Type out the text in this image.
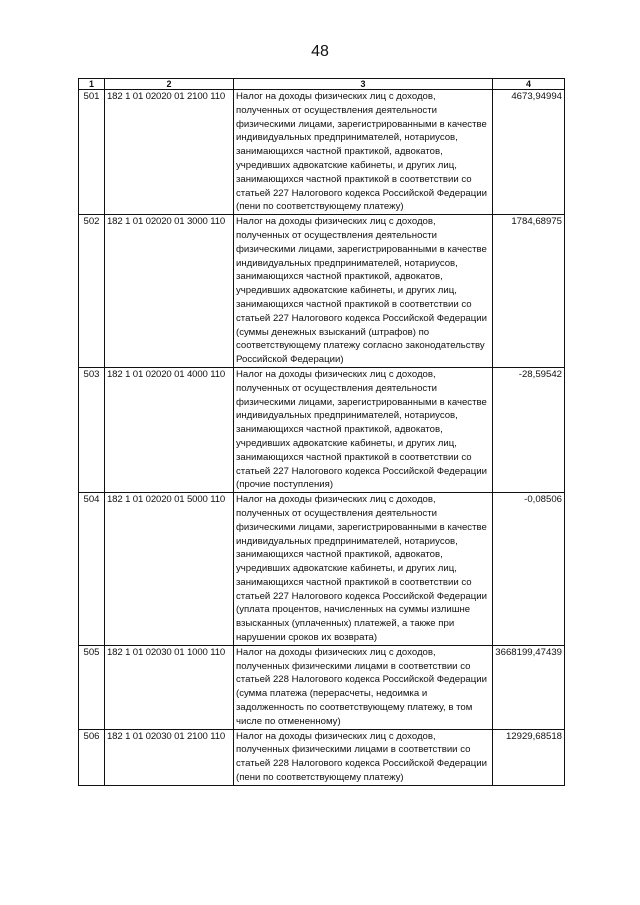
48
1	2	3	4
501	182 1 01 02020 01 2100 110	Налог на доходы физических лиц с доходов, полученных от осуществления деятельности физическими лицами, зарегистрированными в качестве индивидуальных предпринимателей, нотариусов, занимающихся частной практикой, адвокатов, учредивших адвокатские кабинеты, и других лиц, занимающихся частной практикой в соответствии со статьей 227 Налогового кодекса Российской Федерации (пени по соответствующему платежу)	4673,94994
502	182 1 01 02020 01 3000 110	Налог на доходы физических лиц с доходов, полученных от осуществления деятельности физическими лицами, зарегистрированными в качестве индивидуальных предпринимателей, нотариусов, занимающихся частной практикой, адвокатов, учредивших адвокатские кабинеты, и других лиц, занимающихся частной практикой в соответствии со статьей 227 Налогового кодекса Российской Федерации (суммы денежных взысканий (штрафов) по соответствующему платежу согласно законодательству Российской Федерации)	1784,68975
503	182 1 01 02020 01 4000 110	Налог на доходы физических лиц с доходов, полученных от осуществления деятельности физическими лицами, зарегистрированными в качестве индивидуальных предпринимателей, нотариусов, занимающихся частной практикой, адвокатов, учредивших адвокатские кабинеты, и других лиц, занимающихся частной практикой в соответствии со статьей 227 Налогового кодекса Российской Федерации (прочие поступления)	-28,59542
504	182 1 01 02020 01 5000 110	Налог на доходы физических лиц с доходов, полученных от осуществления деятельности физическими лицами, зарегистрированными в качестве индивидуальных предпринимателей, нотариусов, занимающихся частной практикой, адвокатов, учредивших адвокатские кабинеты, и других лиц, занимающихся частной практикой в соответствии со статьей 227 Налогового кодекса Российской Федерации (уплата процентов, начисленных на суммы излишне взысканных (уплаченных) платежей, а также при нарушении сроков их возврата)	-0,08506
505	182 1 01 02030 01 1000 110	Налог на доходы физических лиц с доходов, полученных физическими лицами в соответствии со статьей 228 Налогового кодекса Российской Федерации (сумма платежа (перерасчеты, недоимка и задолженность по соответствующему платежу, в том числе по отмененному)	3668199,47439
506	182 1 01 02030 01 2100 110	Налог на доходы физических лиц с доходов, полученных физическими лицами в соответствии со статьей 228 Налогового кодекса Российской Федерации (пени по соответствующему платежу)	12929,68518
